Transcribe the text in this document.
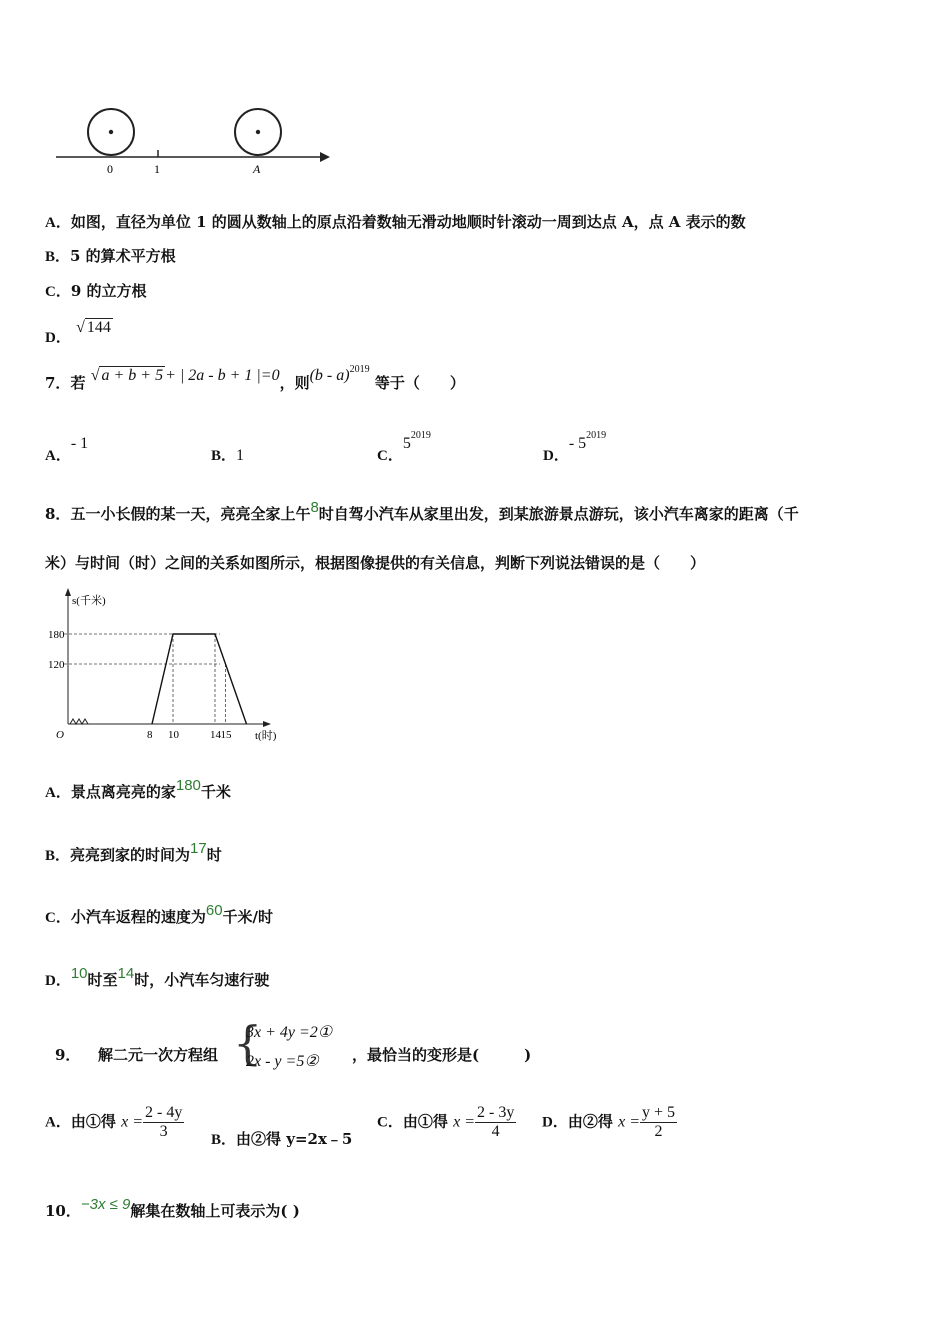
0	1	A
A．如图，直径为单位 1 的圆从数轴上的原点沿着数轴无滑动地顺时针滚动一周到达点 A，点 A 表示的数
B．5 的算术平方根
C．9 的立方根
D． √ 144
7．若 √ a + b + 5 + | 2a - b + 1 |=0，则(b - a)$^{2019}$ 等于（　　）
A．- 1
B．1	C．$5^{2019}$
D．- $5^{2019}$
8．五一小长假的某一天，亮亮全家上午8时自驾小汽车从家里出发，到某旅游景点游玩，该小汽车离家的距离（千
米）与时间（时）之间的关系如图所示，根据图像提供的有关信息，判断下列说法错误的是（　　）
s(千米)
t(时)
O
180
120
8 10	14 15
A．景点离亮亮的家180千米
B．亮亮到家的时间为17时
C．小汽车返程的速度为60千米/时
D．10时至14时，小汽车匀速行驶
9． 解二元一次方程组 {
3x + 4y =2①
2x - y =5② ，最恰当的变形是(　　　)
A．由①得 $x = \frac{2 - 4y}{3}$ B．由②得 y=2x﹣5
C．由①得 $x = \frac{2 - 3y}{4}$ D．由②得 $x = \frac{y + 5}{2}$
10．−3x ≤ 9解集在数轴上可表示为( )
